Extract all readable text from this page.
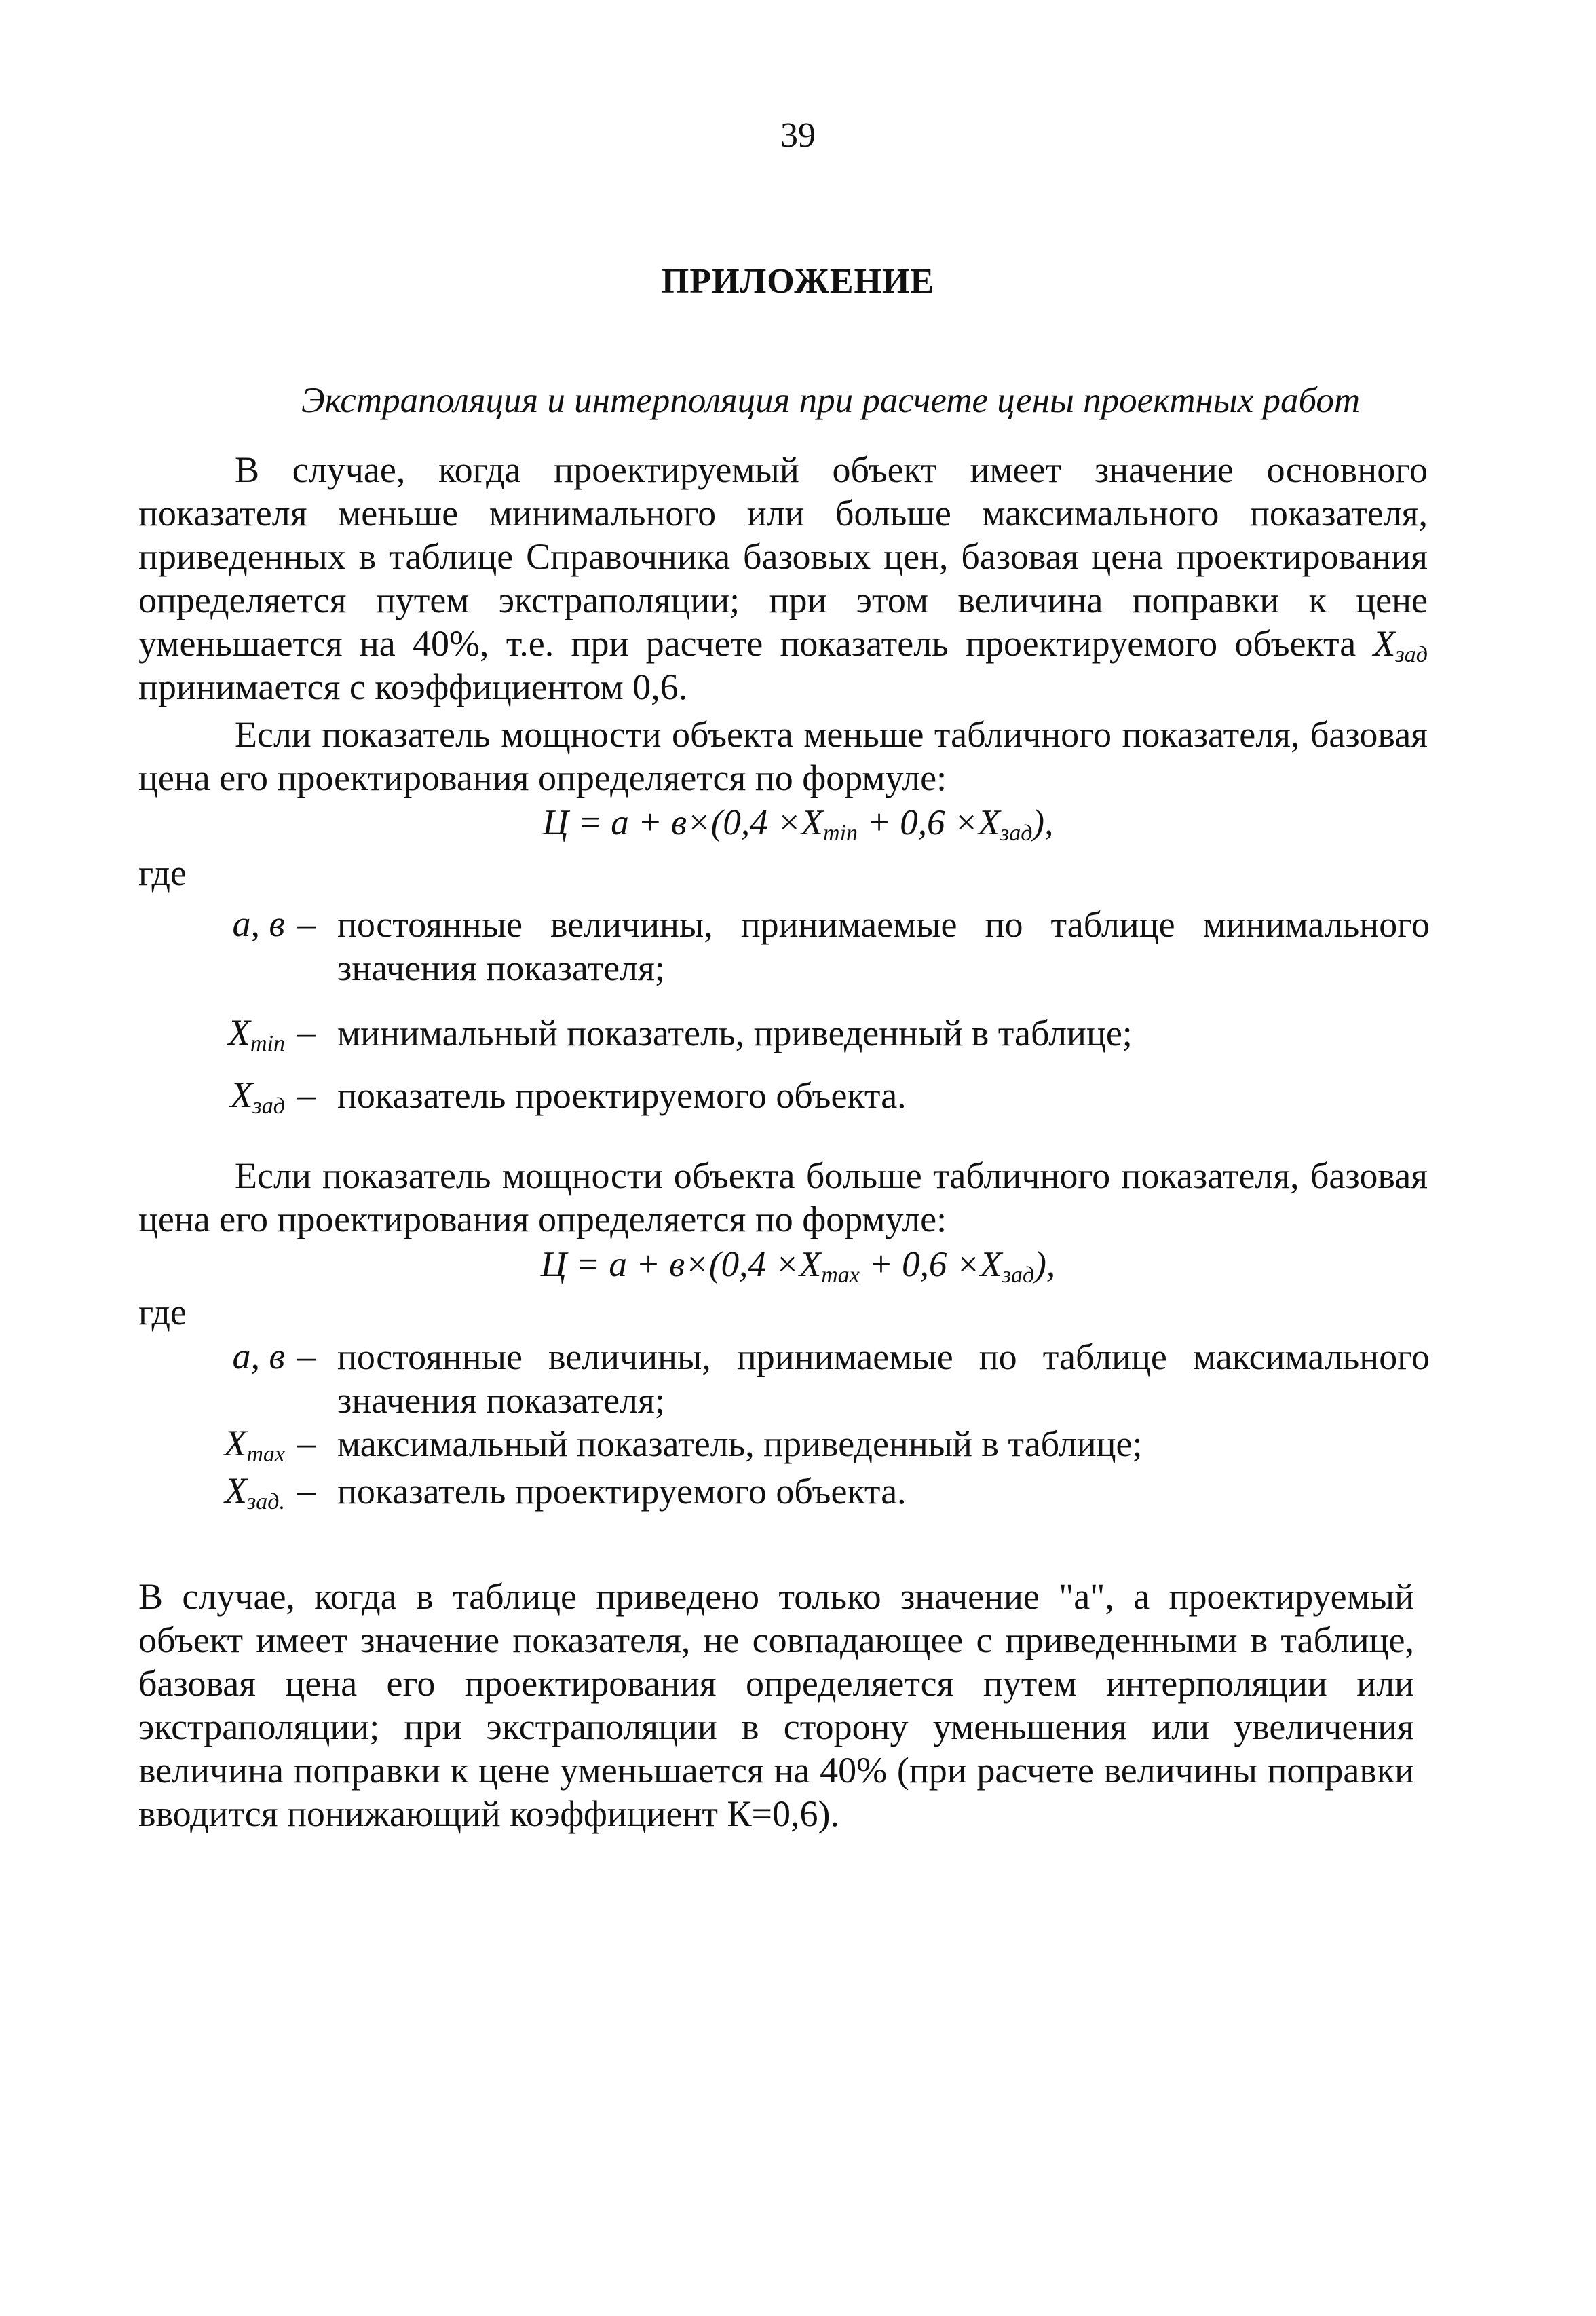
39
ПРИЛОЖЕНИЕ
Экстраполяция и интерполяция при расчете цены проектных работ
В случае, когда проектируемый объект имеет значение основного показателя меньше минимального или больше максимального показателя, приведенных в таблице Справочника базовых цен, базовая цена проектирования определяется путем экстраполяции; при этом величина поправки к цене уменьшается на 40%, т.е. при расчете показатель проектируемого объекта $X_{зад}$ принимается с коэффициентом 0,6.
Если показатель мощности объекта меньше табличного показателя, базовая цена его проектирования определяется по формуле:
$Ц = а + в\times(0,4 \times X_{min} + 0,6 \times X_{зад})$,
где
а, в – постоянные величины, принимаемые по таблице минимального значения показателя;
$X_{min}$ – минимальный показатель, приведенный в таблице;
$X_{зад}$ – показатель проектируемого объекта.
Если показатель мощности объекта больше табличного показателя, базовая цена его проектирования определяется по формуле:
$Ц = а + в\times(0,4 \times X_{max} + 0,6 \times X_{зад})$,
где
а, в – постоянные величины, принимаемые по таблице максимального значения показателя;
$X_{max}$ – максимальный показатель, приведенный в таблице;
$X_{зад.}$ – показатель проектируемого объекта.
В случае, когда в таблице приведено только значение "а", а проектируемый объект имеет значение показателя, не совпадающее с приведенными в таблице, базовая цена его проектирования определяется путем интерполяции или экстраполяции; при экстраполяции в сторону уменьшения или увеличения величина поправки к цене уменьшается на 40% (при расчете величины поправки вводится понижающий коэффициент К=0,6).
